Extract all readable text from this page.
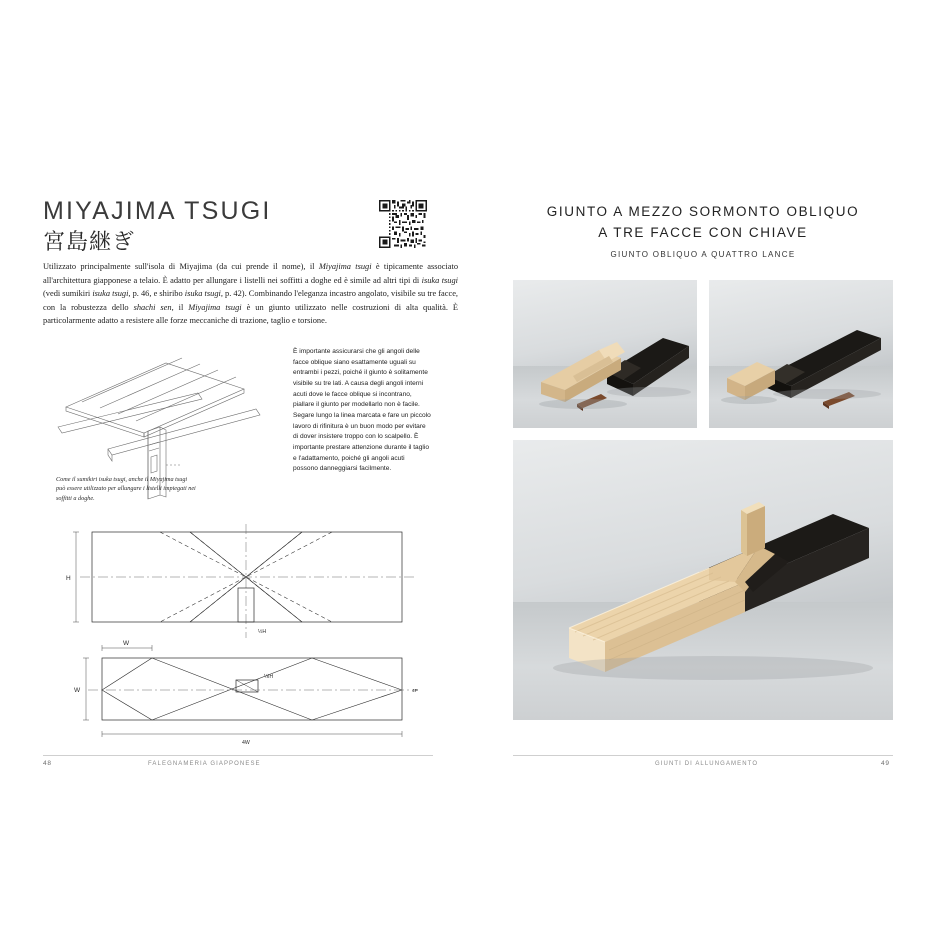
MIYAJIMA TSUGI
宮島継ぎ
Utilizzato principalmente sull'isola di Miyajima (da cui prende il nome), il Miyajima tsugi è tipicamente associato all'architettura giapponese a telaio. È adatto per allungare i listelli nei soffitti a doghe ed è simile ad altri tipi di isuka tsugi (vedi sumikiri isuka tsugi, p. 46, e shiribo isuka tsugi, p. 42). Combinando l'eleganza incastro angolato, visibile su tre facce, con la robustezza dello shachi sen, il Miyajima tsugi è un giunto utilizzato nelle costruzioni di alta qualità. È particolarmente adatto a resistere alle forze meccaniche di trazione, taglio e torsione.
Come il sumikiri isuka tsugi, anche il Miyajima tsugi può essere utilizzato per allungare i listelli impiegati nei soffitti a doghe.
È importante assicurarsi che gli angoli delle facce oblique siano esattamente uguali su entrambi i pezzi, poiché il giunto è solitamente visibile su tre lati. A causa degli angoli interni acuti dove le facce oblique si incontrano, piallare il giunto per modellarlo non è facile. Segare lungo la linea marcata e fare un piccolo lavoro di rifinitura è un buon modo per evitare di dover insistere troppo con lo scalpello. È importante prestare attenzione durante il taglio e l'adattamento, poiché gli angoli acuti possono danneggiarsi facilmente.
H
½H
W
W
4W
¼ìH
4P
48	FALEGNAMERIA GIAPPONESE
GIUNTO A MEZZO SORMONTO OBLIQUO
A TRE FACCE CON CHIAVE
GIUNTO OBLIQUO A QUATTRO LANCE
GIUNTI DI ALLUNGAMENTO	49
